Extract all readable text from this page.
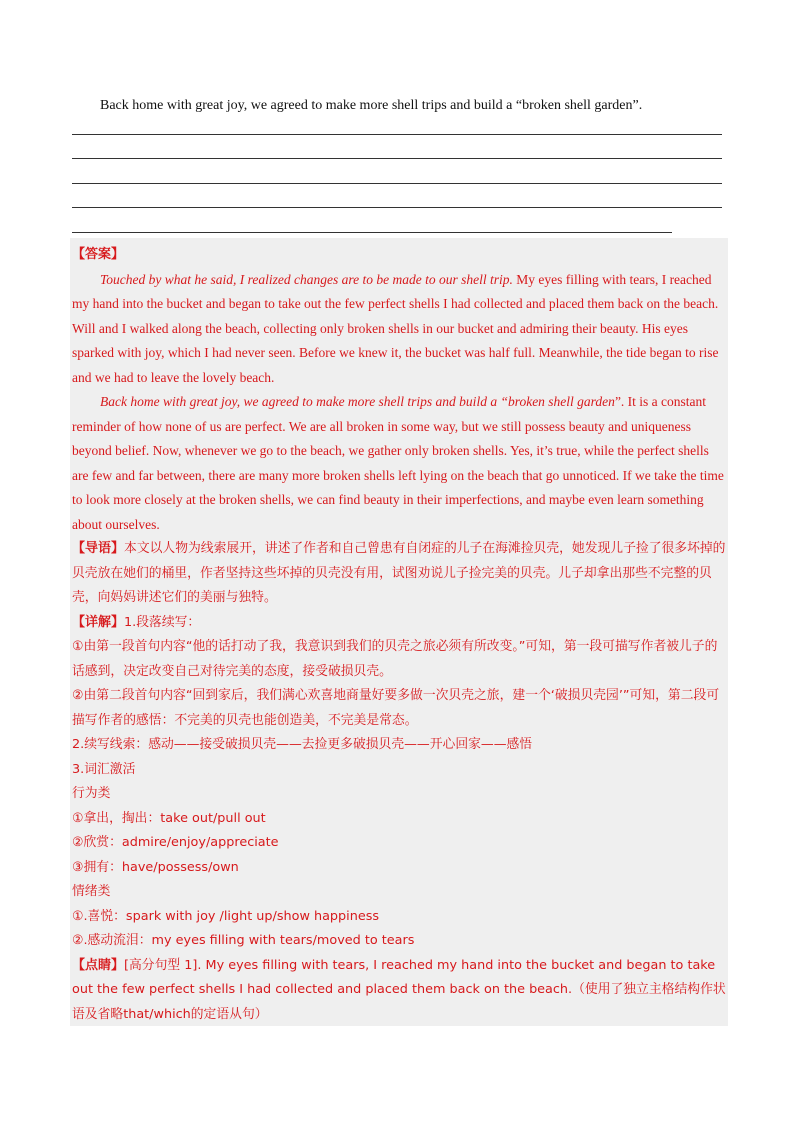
Back home with great joy, we agreed to make more shell trips and build a “broken shell garden”.

【答案】

Touched by what he said, I realized changes are to be made to our shell trip. My eyes filling with tears, I reached my hand into the bucket and began to take out the few perfect shells I had collected and placed them back on the beach. Will and I walked along the beach, collecting only broken shells in our bucket and admiring their beauty. His eyes sparked with joy, which I had never seen. Before we knew it, the bucket was half full. Meanwhile, the tide began to rise and we had to leave the lovely beach.

Back home with great joy, we agreed to make more shell trips and build a “broken shell garden”. It is a constant reminder of how none of us are perfect. We are all broken in some way, but we still possess beauty and uniqueness beyond belief. Now, whenever we go to the beach, we gather only broken shells. Yes, it’s true, while the perfect shells are few and far between, there are many more broken shells left lying on the beach that go unnoticed. If we take the time to look more closely at the broken shells, we can find beauty in their imperfections, and maybe even learn something about ourselves.

【导语】本文以人物为线索展开，讲述了作者和自己曾患有自闭症的儿子在海滩捡贝壳，她发现儿子捡了很多坏掉的贝壳放在她们的桶里，作者坚持这些坏掉的贝壳没有用，试图劝说儿子捡完美的贝壳。儿子却拿出那些不完整的贝壳，向妈妈讲述它们的美丽与独特。

【详解】1.段落续写：

①由第一段首句内容“他的话打动了我，我意识到我们的贝壳之旅必须有所改变。”可知，第一段可描写作者被儿子的话感到，决定改变自己对待完美的态度，接受破损贝壳。

②由第二段首句内容“回到家后，我们满心欢喜地商量好要多做一次贝壳之旅，建一个‘破损贝壳园’”可知，第二段可描写作者的感悟：不完美的贝壳也能创造美，不完美是常态。

2.续写线索：感动——接受破损贝壳——去捡更多破损贝壳——开心回家——感悟

3.词汇激活

行为类

①拿出，掏出：take out/pull out

②欣赏：admire/enjoy/appreciate

③拥有：have/possess/own

情绪类

①.喜悦：spark with joy /light up/show happiness

②.感动流泪：my eyes filling with tears/moved to tears

【点睛】[高分句型 1]. My eyes filling with tears, I reached my hand into the bucket and began to take out the few perfect shells I had collected and placed them back on the beach.（使用了独立主格结构作状语及省略that/which的定语从句）
